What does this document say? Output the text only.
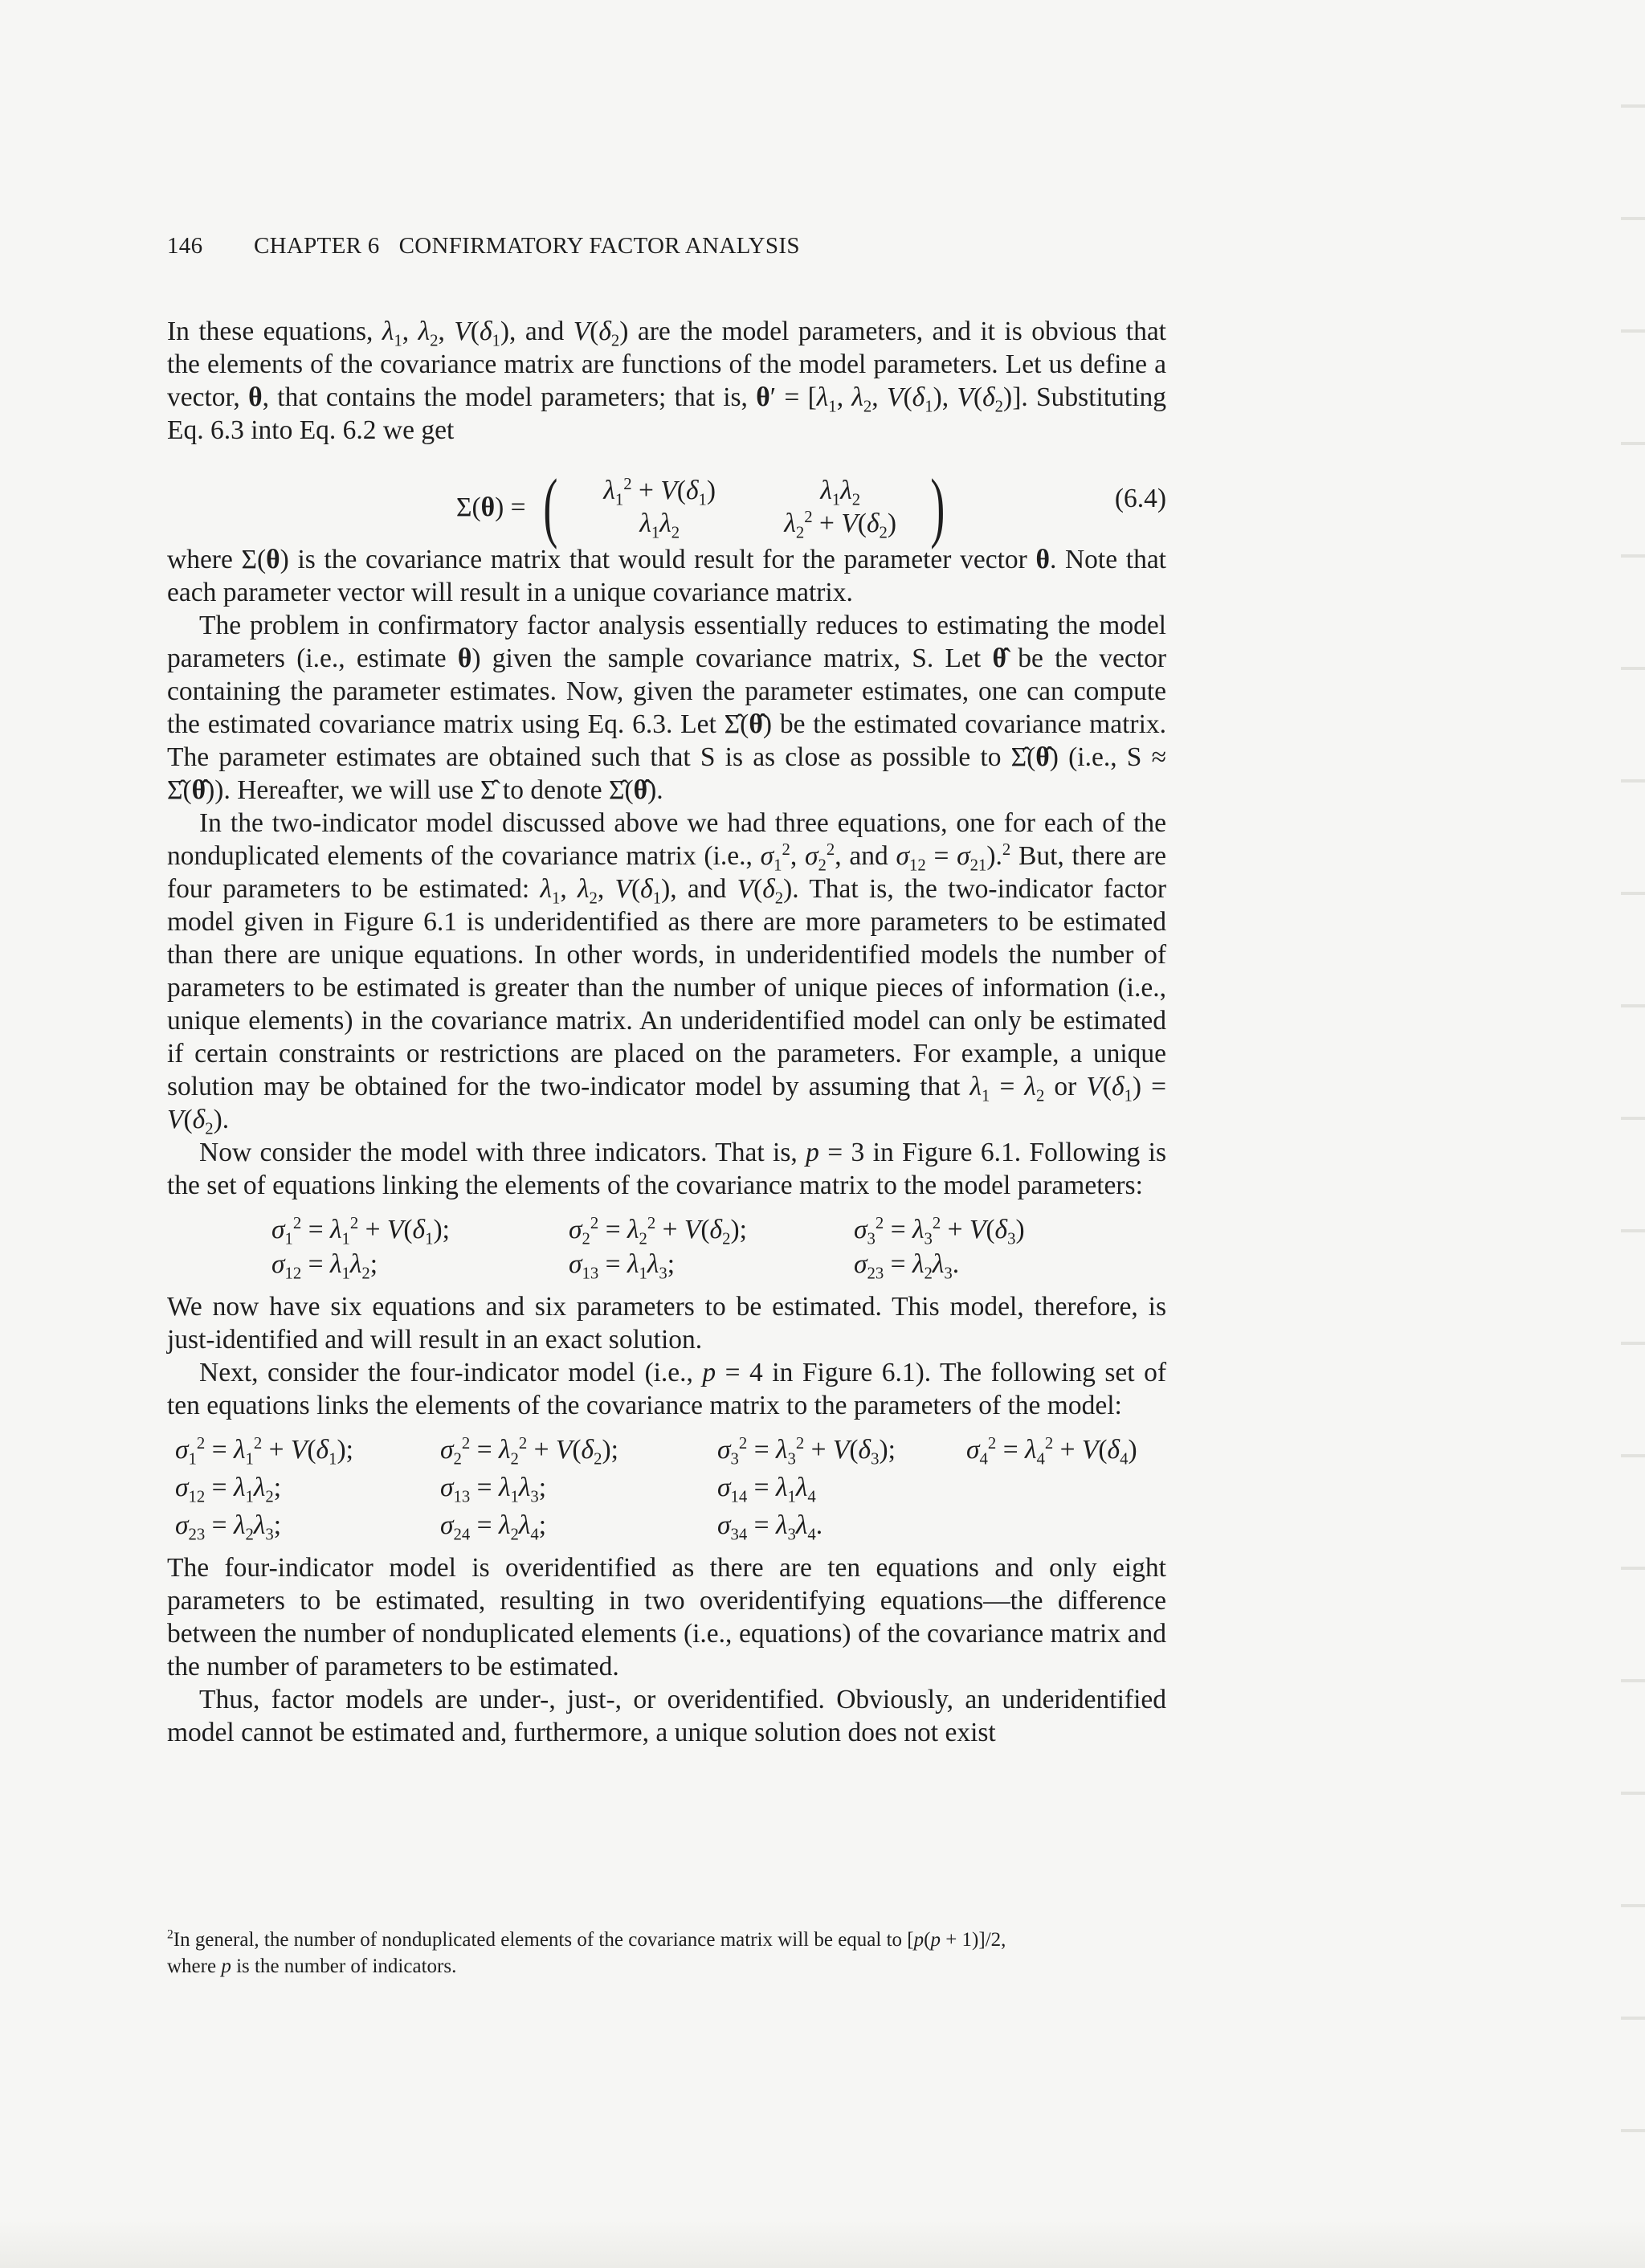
146 CHAPTER 6 CONFIRMATORY FACTOR ANALYSIS

In these equations, $\lambda_1$, $\lambda_2$, $V(\delta_1)$, and $V(\delta_2)$ are the model parameters, and it is obvious that the elements of the covariance matrix are functions of the model parameters. Let us define a vector, θ, that contains the model parameters; that is, $\theta' = [\lambda_1$, $\lambda_2$, $V(\delta_1)$, $V(\delta_2)$]. Substituting Eq. 6.3 into Eq. 6.2 we get

Σ(θ) = (	$\lambda_1^2 + V(\delta_1)$	$\lambda_1\lambda_2$
$\lambda_1\lambda_2$	$\lambda_2^2 + V(\delta_2)$ )	(6.4)

where Σ(θ) is the covariance matrix that would result for the parameter vector θ. Note that each parameter vector will result in a unique covariance matrix.

The problem in confirmatory factor analysis essentially reduces to estimating the model parameters (i.e., estimate θ) given the sample covariance matrix, S. Let θ̂ be the vector containing the parameter estimates. Now, given the parameter estimates, one can compute the estimated covariance matrix using Eq. 6.3. Let Σ̂(θ̂) be the estimated covariance matrix. The parameter estimates are obtained such that S is as close as possible to Σ̂(θ̂) (i.e., S ≈ Σ̂(θ̂)). Hereafter, we will use Σ̂ to denote Σ̂(θ̂).

In the two-indicator model discussed above we had three equations, one for each of the nonduplicated elements of the covariance matrix (i.e., $\sigma_1^2$, $\sigma_2^2$, and $\sigma_{12} = \sigma_{21}).^2$ But, there are four parameters to be estimated: $\lambda_1$, $\lambda_2$, $V(\delta_1)$, and $V(\delta_2)$. That is, the two-indicator factor model given in Figure 6.1 is underidentified as there are more parameters to be estimated than there are unique equations. In other words, in underidentified models the number of parameters to be estimated is greater than the number of unique pieces of information (i.e., unique elements) in the covariance matrix. An underidentified model can only be estimated if certain constraints or restrictions are placed on the parameters. For example, a unique solution may be obtained for the two-indicator model by assuming that $\lambda_1 = \lambda_2$ or $V(\delta_1) = V(\delta_2)$.

Now consider the model with three indicators. That is, p = 3 in Figure 6.1. Following is the set of equations linking the elements of the covariance matrix to the model parameters:

$\sigma_1^2 = \lambda_1^2 + V(\delta_1)$;	$\sigma_2^2 = \lambda_2^2 + V(\delta_2)$;	$\sigma_3^2 = \lambda_3^2 + V(\delta_3)$
$\sigma_{12} = \lambda_1\lambda_2$;	$\sigma_{13} = \lambda_1\lambda_3$;	$\sigma_{23} = \lambda_2\lambda_3$.

We now have six equations and six parameters to be estimated. This model, therefore, is just-identified and will result in an exact solution.

Next, consider the four-indicator model (i.e., p = 4 in Figure 6.1). The following set of ten equations links the elements of the covariance matrix to the parameters of the model:

$\sigma_1^2 = \lambda_1^2 + V(\delta_1)$;	$\sigma_2^2 = \lambda_2^2 + V(\delta_2)$;	$\sigma_3^2 = \lambda_3^2 + V(\delta_3)$;	$\sigma_4^2 = \lambda_4^2 + V(\delta_4)$
$\sigma_{12} = \lambda_1\lambda_2$;	$\sigma_{13} = \lambda_1\lambda_3$;	$\sigma_{14} = \lambda_1\lambda_4$
$\sigma_{23} = \lambda_2\lambda_3$;	$\sigma_{24} = \lambda_2\lambda_4$;	$\sigma_{34} = \lambda_3\lambda_4$.

The four-indicator model is overidentified as there are ten equations and only eight parameters to be estimated, resulting in two overidentifying equations—the difference between the number of nonduplicated elements (i.e., equations) of the covariance matrix and the number of parameters to be estimated.

Thus, factor models are under-, just-, or overidentified. Obviously, an underidentified model cannot be estimated and, furthermore, a unique solution does not exist

$^2$In general, the number of nonduplicated elements of the covariance matrix will be equal to [p(p + 1)]/2,
where p is the number of indicators.
